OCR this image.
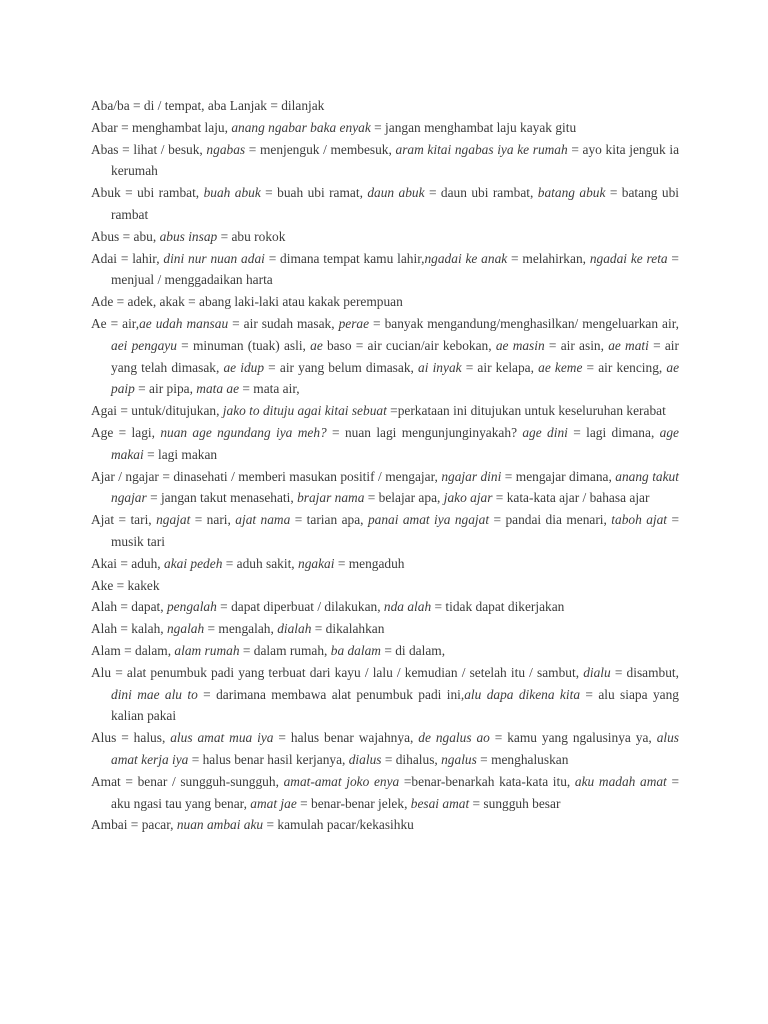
Aba/ba = di / tempat, aba Lanjak = dilanjak

Abar = menghambat laju, anang ngabar baka enyak = jangan menghambat laju kayak gitu

Abas = lihat / besuk, ngabas = menjenguk / membesuk, aram kitai ngabas iya ke rumah = ayo kita jenguk ia kerumah

Abuk = ubi rambat, buah abuk = buah ubi ramat, daun abuk = daun ubi rambat, batang abuk = batang ubi rambat

Abus = abu, abus insap = abu rokok

Adai = lahir, dini nur nuan adai = dimana tempat kamu lahir,ngadai ke anak = melahirkan, ngadai ke reta = menjual / menggadaikan harta

Ade = adek, akak = abang laki-laki atau kakak perempuan

Ae = air,ae udah mansau = air sudah masak, perae = banyak mengandung/menghasilkan/ mengeluarkan air, aei pengayu = minuman (tuak) asli, ae baso = air cucian/air kebokan, ae masin = air asin, ae mati = air yang telah dimasak, ae idup = air yang belum dimasak, ai inyak = air kelapa, ae keme = air kencing, ae paip = air pipa, mata ae = mata air,

Agai = untuk/ditujukan, jako to dituju agai kitai sebuat =perkataan ini ditujukan untuk keseluruhan kerabat

Age = lagi, nuan age ngundang iya meh? = nuan lagi mengunjunginyakah? age dini = lagi dimana, age makai = lagi makan

Ajar / ngajar = dinasehati / memberi masukan positif / mengajar, ngajar dini = mengajar dimana, anang takut ngajar = jangan takut menasehati, brajar nama = belajar apa, jako ajar = kata-kata ajar / bahasa ajar

Ajat = tari, ngajat = nari, ajat nama = tarian apa, panai amat iya ngajat = pandai dia menari, taboh ajat = musik tari

Akai = aduh, akai pedeh = aduh sakit, ngakai = mengaduh

Ake = kakek

Alah = dapat, pengalah = dapat diperbuat / dilakukan, nda alah = tidak dapat dikerjakan

Alah = kalah, ngalah = mengalah, dialah = dikalahkan

Alam = dalam, alam rumah = dalam rumah, ba dalam = di dalam,

Alu = alat penumbuk padi yang terbuat dari kayu / lalu / kemudian / setelah itu / sambut, dialu = disambut, dini mae alu to = darimana membawa alat penumbuk padi ini,alu dapa dikena kita = alu siapa yang kalian pakai

Alus = halus, alus amat mua iya = halus benar wajahnya, de ngalus ao = kamu yang ngalusinya ya, alus amat kerja iya = halus benar hasil kerjanya, dialus = dihalus, ngalus = menghaluskan

Amat = benar / sungguh-sungguh, amat-amat joko enya =benar-benarkah kata-kata itu, aku madah amat = aku ngasi tau yang benar, amat jae = benar-benar jelek, besai amat = sungguh besar

Ambai = pacar, nuan ambai aku = kamulah pacar/kekasihku
